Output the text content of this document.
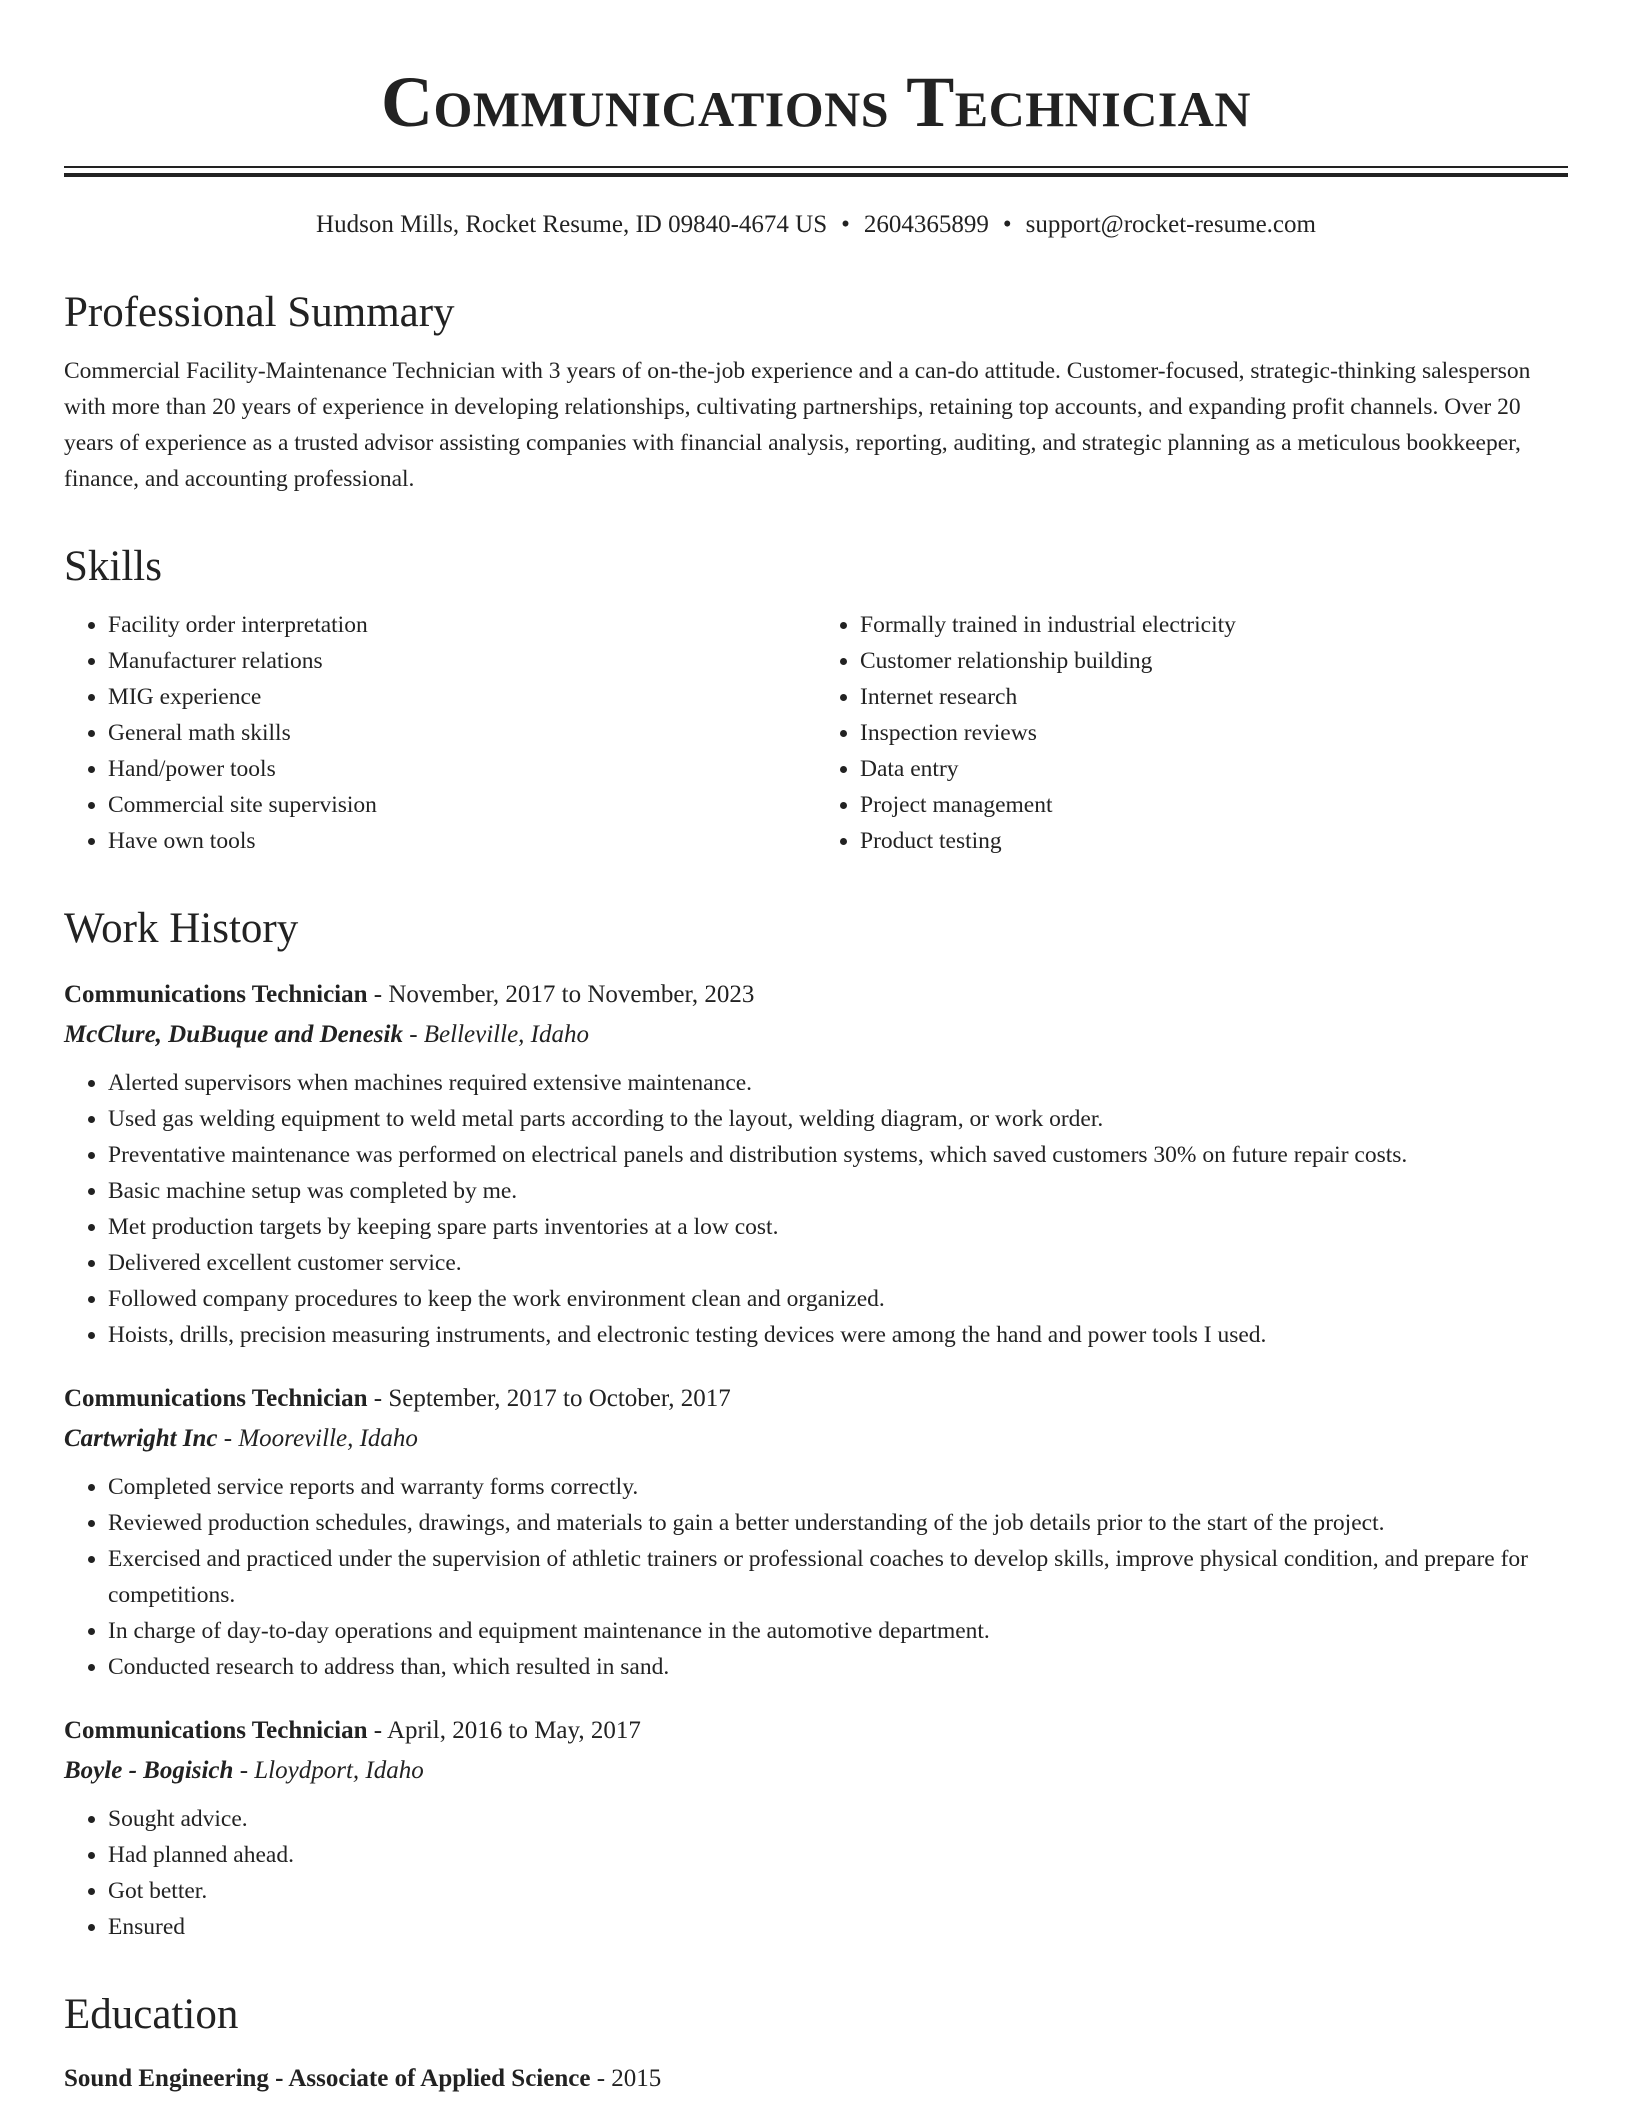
Communications Technician
Hudson Mills, Rocket Resume, ID 09840-4674 US • 2604365899 • support@rocket-resume.com
Professional Summary

Commercial Facility-Maintenance Technician with 3 years of on-the-job experience and a can-do attitude. Customer-focused, strategic-thinking salesperson with more than 20 years of experience in developing relationships, cultivating partnerships, retaining top accounts, and expanding profit channels. Over 20 years of experience as a trusted advisor assisting companies with financial analysis, reporting, auditing, and strategic planning as a meticulous bookkeeper, finance, and accounting professional.

Skills
• Facility order interpretation
• Manufacturer relations
• MIG experience
• General math skills
• Hand/power tools
• Commercial site supervision
• Have own tools
• Formally trained in industrial electricity
• Customer relationship building
• Internet research
• Inspection reviews
• Data entry
• Project management
• Product testing
Work History
Communications Technician - November, 2017 to November, 2023
McClure, DuBuque and Denesik - Belleville, Idaho
• Alerted supervisors when machines required extensive maintenance.
• Used gas welding equipment to weld metal parts according to the layout, welding diagram, or work order.
• Preventative maintenance was performed on electrical panels and distribution systems, which saved customers 30% on future repair costs.
• Basic machine setup was completed by me.
• Met production targets by keeping spare parts inventories at a low cost.
• Delivered excellent customer service.
• Followed company procedures to keep the work environment clean and organized.
• Hoists, drills, precision measuring instruments, and electronic testing devices were among the hand and power tools I used.
Communications Technician - September, 2017 to October, 2017
Cartwright Inc - Mooreville, Idaho
• Completed service reports and warranty forms correctly.
• Reviewed production schedules, drawings, and materials to gain a better understanding of the job details prior to the start of the project.
• Exercised and practiced under the supervision of athletic trainers or professional coaches to develop skills, improve physical condition, and prepare for competitions.
• In charge of day-to-day operations and equipment maintenance in the automotive department.
• Conducted research to address than, which resulted in sand.
Communications Technician - April, 2016 to May, 2017
Boyle - Bogisich - Lloydport, Idaho
• Sought advice.
• Had planned ahead.
• Got better.
• Ensured
Education
Sound Engineering - Associate of Applied Science - 2015
